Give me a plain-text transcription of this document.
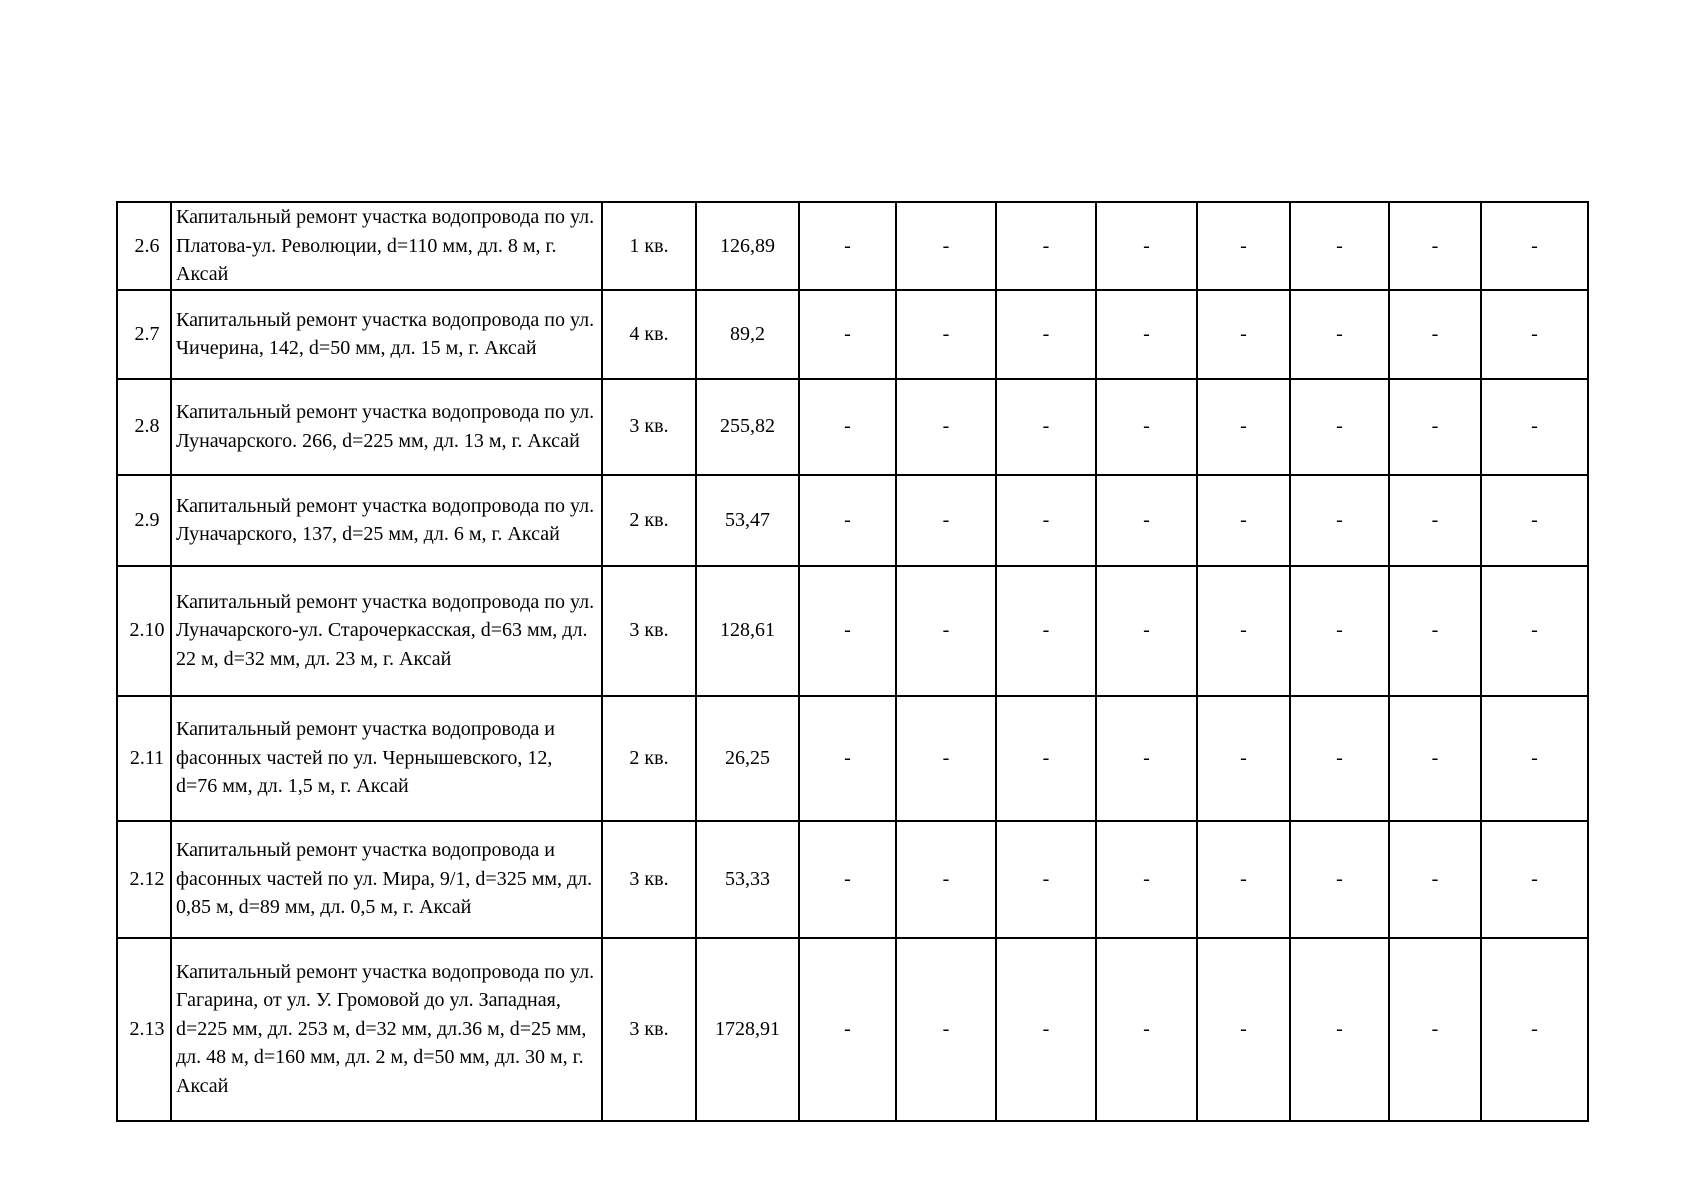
2.6	Капитальный ремонт участка водопровода по ул. Платова-ул. Революции, d=110 мм, дл. 8 м, г. Аксай	1 кв.	126,89	-	-	-	-	-	-	-	-
2.7	Капитальный ремонт участка водопровода по ул. Чичерина, 142, d=50 мм, дл. 15 м, г. Аксай	4 кв.	89,2	-	-	-	-	-	-	-	-
2.8	Капитальный ремонт участка водопровода по ул. Луначарского. 266, d=225 мм, дл. 13 м, г. Аксай	3 кв.	255,82	-	-	-	-	-	-	-	-
2.9	Капитальный ремонт участка водопровода по ул. Луначарского, 137, d=25 мм, дл. 6 м, г. Аксай	2 кв.	53,47	-	-	-	-	-	-	-	-
2.10	Капитальный ремонт участка водопровода по ул. Луначарского-ул. Старочеркасская, d=63 мм, дл. 22 м, d=32 мм, дл. 23 м, г. Аксай	3 кв.	128,61	-	-	-	-	-	-	-	-
2.11	Капитальный ремонт участка водопровода и фасонных частей по ул. Чернышевского, 12, d=76 мм, дл. 1,5 м, г. Аксай	2 кв.	26,25	-	-	-	-	-	-	-	-
2.12	Капитальный ремонт участка водопровода и фасонных частей по ул. Мира, 9/1, d=325 мм, дл. 0,85 м, d=89 мм, дл. 0,5 м, г. Аксай	3 кв.	53,33	-	-	-	-	-	-	-	-
2.13	Капитальный ремонт участка водопровода по ул. Гагарина, от ул. У. Громовой до ул. Западная, d=225 мм, дл. 253 м, d=32 мм, дл.36 м, d=25 мм, дл. 48 м, d=160 мм, дл. 2 м, d=50 мм, дл. 30 м, г. Аксай	3 кв.	1728,91	-	-	-	-	-	-	-	-
